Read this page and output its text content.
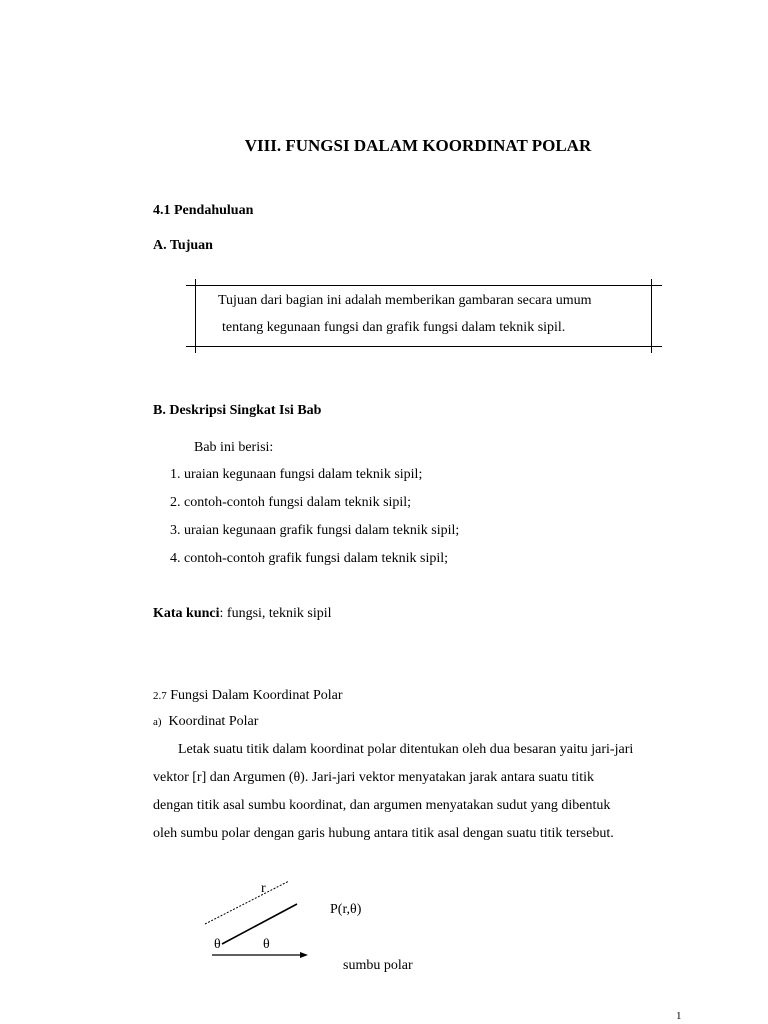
VIII. FUNGSI DALAM KOORDINAT POLAR
4.1 Pendahuluan
A. Tujuan
Tujuan dari bagian ini adalah memberikan gambaran secara umum
tentang kegunaan fungsi dan grafik fungsi dalam teknik sipil.
B. Deskripsi Singkat Isi Bab
Bab ini berisi:
1. uraian kegunaan fungsi dalam teknik sipil;
2. contoh-contoh fungsi dalam teknik sipil;
3. uraian kegunaan grafik fungsi dalam teknik sipil;
4. contoh-contoh grafik fungsi dalam teknik sipil;
Kata kunci: fungsi, teknik sipil
2.7 Fungsi Dalam Koordinat Polar
a) Koordinat Polar
Letak suatu titik dalam koordinat polar ditentukan oleh dua besaran yaitu jari-jari
vektor [r] dan Argumen (θ). Jari-jari vektor menyatakan jarak antara suatu titik
dengan titik asal sumbu koordinat, dan argumen menyatakan sudut yang dibentuk
oleh sumbu polar dengan garis hubung antara titik asal dengan suatu titik tersebut.
r
P(r,θ)
θ	θ
sumbu polar
1
